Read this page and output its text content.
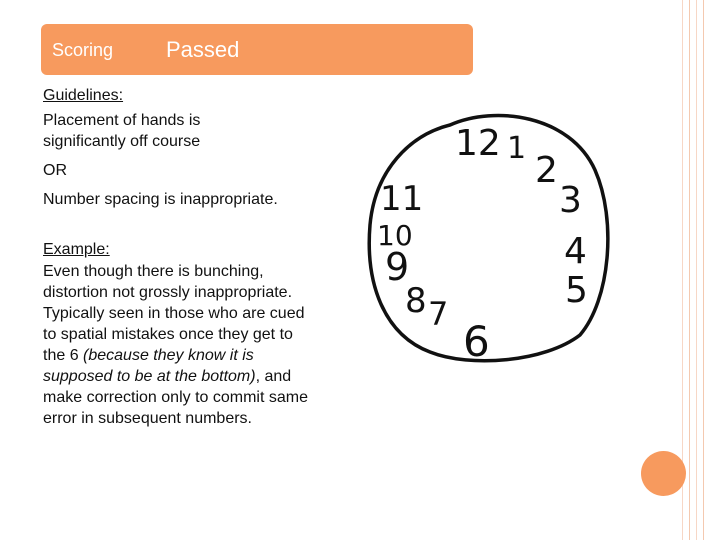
Scoring Passed

Guidelines:

Placement of hands is significantly off course

OR

Number spacing is inappropriate.

Example:

Even though there is bunching, distortion not grossly inappropriate. Typically seen in those who are cued to spatial mistakes once they get to the 6 (because they know it is supposed to be at the bottom), and make correction only to commit same error in subsequent numbers.

12 1
2
3
4
5
6
7
8
9
10
11
